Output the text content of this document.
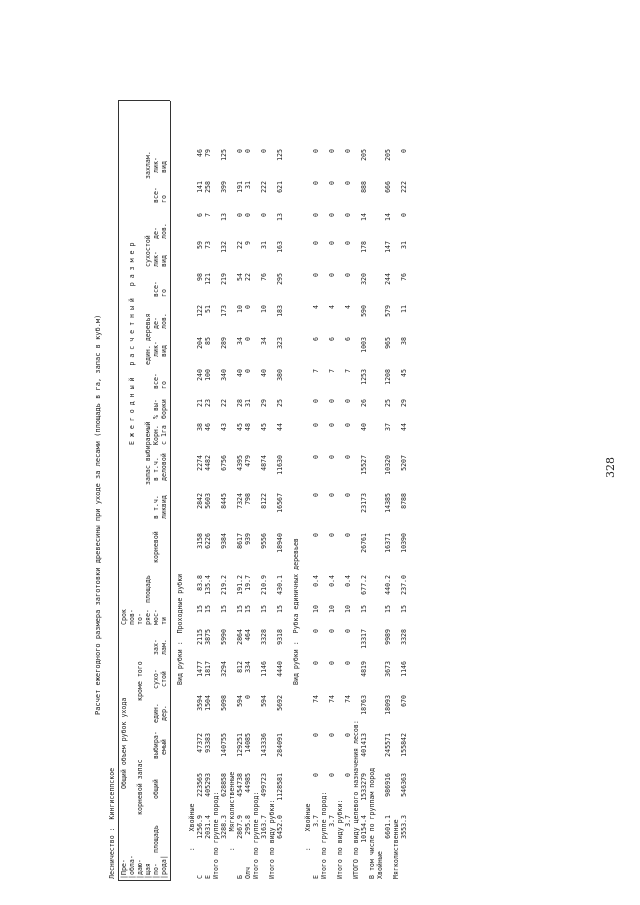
Расчет ежегодного размера заготовки древесины при уходе за лесами (площадь в га, запас в куб.м)

Лесничество :  Кингисеппское

|Пре- |обла- |даю- |щая |по- |рода|
площадь
Общий объем рубок ухода корневой запас
кроме того
общий
выбира- емый
един. дер.
сухо- стой
зах- лам.
Срок пов- то- ряе- мос- ти
площадь
Е ж е г о д н ы й   р а с ч е т н ы й   р а з м е р
запас выбираемый
корневой
в т.ч. ликвид
в т.ч. деловой
Корн. с 1га
% вы- борки
един. деревья
сухостой
захлам.
все- го
лик- вид
де- лов.
все- го
лик- вид
де- лов.
все- го
лик- вид

Вид рубки :  Проходные рубки
:    Хвойные С
1256.9
223565
47372
3594
1477
2115
15
83.8
3158
2842
2274
38
21
240
204
122
98
59
6
141
46
Е
2031.4
405293
93383
1504
1817
3875
15
135.4
6226
5603
4482
46
23
100
85
51
121
73
7
258
79
Итого по группе пород: 3288.3
628858
140755
5098
3294
5990
15
219.2
9384
8445
6756
43
22
340
289
173
219
132
13
399
125
:    Мягколиственные Б
2867.9
454738
129251
594
812
2864
15
191.2
8617
7324
4395
45
28
40
34
10
54
22
0
191
0
Олч
295.8
44985
14085
0
334
464
15
19.7
939
798
479
48
31
0
0
0
22
9
0
31
0
Итого по группе пород: 3163.7
499723
143336
594
1146
3328
15
210.9
9556
8122
4874
45
29
40
34
10
76
31
0
222
0
Итого по виду рубки: 6452.0
1128581
284091
5692
4440
9318
15
430.1
18940
16567
11630
44
25
380
323
183
295
163
13
621
125

Вид рубки :  Рубка единичных деревьев
:    Хвойные Е
3.7
0
0
74
0
0
10
0.4
0
0
0
0
0
7
6
4
0
0
0
0
0
Итого по группе пород: 3.7
0
0
74
0
0
10
0.4
0
0
0
0
0
7
6
4
0
0
0
0
0
Итого по виду рубки: 3.7
0
0
74
0
0
10
0.4
0
0
0
0
0
7
6
4
0
0
0
0
0
ИТОГО по виду целевого назначения лесов: 10154.4
1533279
401413
18763
4819
13317
15
677.2
26761
23173
15527
40
26
1253
1003
590
320
178
14
888
205
В том числе по группам пород Хвойные
6601.1
986916
245571
18093
3673
9989
15
440.2
16371
14385
10320
37
25
1208
965
579
244
147
14
666
205
Мягколиственные 3553.3
546363
155842
670
1146
3328
15
237.0
10390
8788
5207
44
29
45
38
11
76
31
0
222
0

328
